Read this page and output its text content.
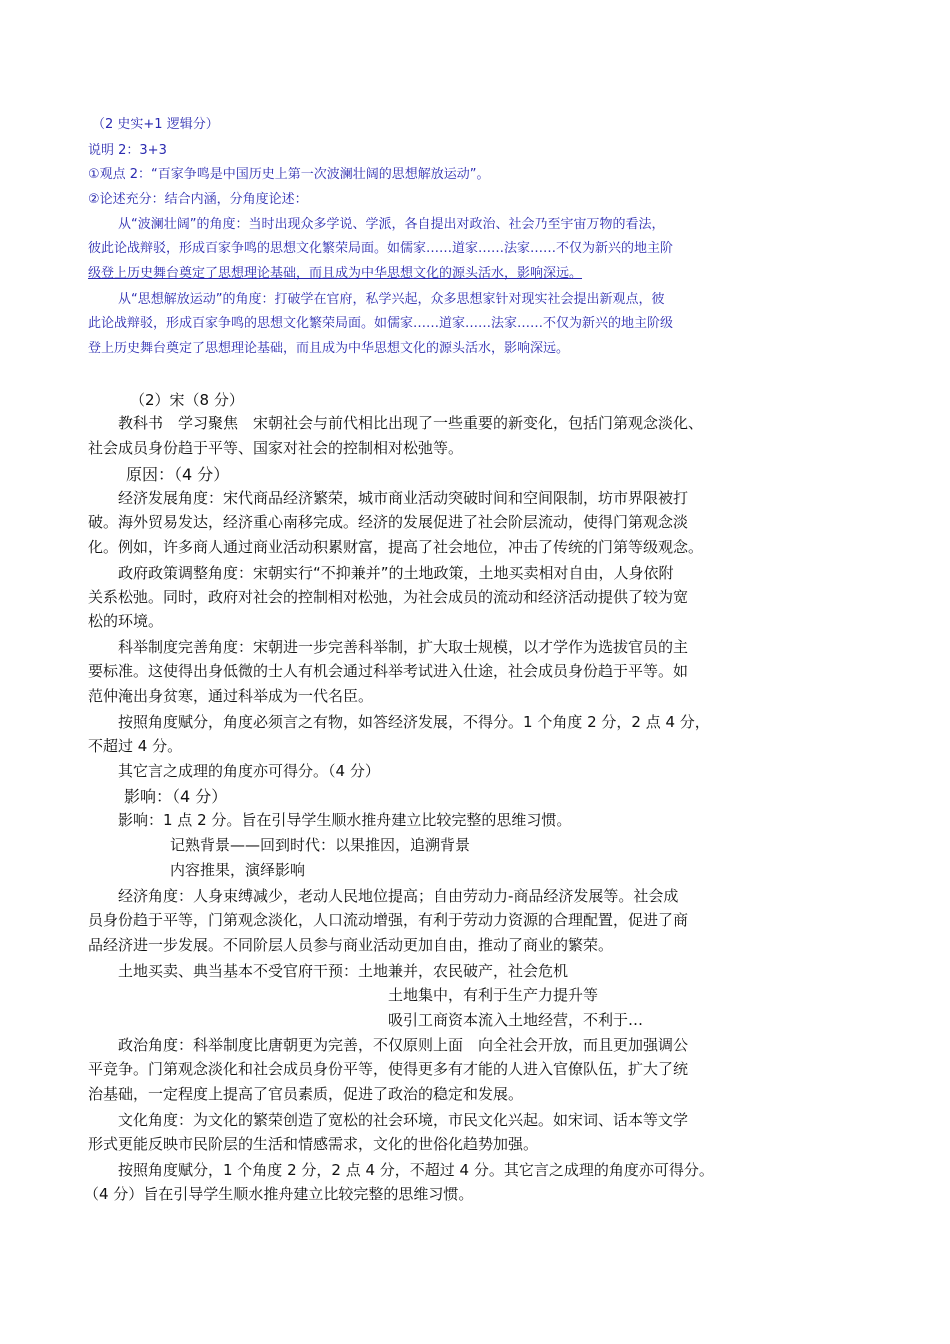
（2 史实+1 逻辑分）
说明 2：3+3
①观点 2：“百家争鸣是中国历史上第一次波澜壮阔的思想解放运动”。
②论述充分：结合内涵，分角度论述：
从“波澜壮阔”的角度：当时出现众多学说、学派，各自提出对政治、社会乃至宇宙万物的看法，
彼此论战辩驳，形成百家争鸣的思想文化繁荣局面。如儒家……道家……法家……不仅为新兴的地主阶
级登上历史舞台奠定了思想理论基础，而且成为中华思想文化的源头活水，影响深远。
从“思想解放运动”的角度：打破学在官府，私学兴起，众多思想家针对现实社会提出新观点，彼
此论战辩驳，形成百家争鸣的思想文化繁荣局面。如儒家……道家……法家……不仅为新兴的地主阶级
登上历史舞台奠定了思想理论基础，而且成为中华思想文化的源头活水，影响深远。
（2）宋（8 分）
教科书　学习聚焦　宋朝社会与前代相比出现了一些重要的新变化，包括门第观念淡化、
社会成员身份趋于平等、国家对社会的控制相对松弛等。
原因：（4 分）
经济发展角度：宋代商品经济繁荣，城市商业活动突破时间和空间限制，坊市界限被打
破。海外贸易发达，经济重心南移完成。经济的发展促进了社会阶层流动，使得门第观念淡
化。例如，许多商人通过商业活动积累财富，提高了社会地位，冲击了传统的门第等级观念。
政府政策调整角度：宋朝实行“不抑兼并”的土地政策，土地买卖相对自由，人身依附
关系松弛。同时，政府对社会的控制相对松弛，为社会成员的流动和经济活动提供了较为宽
松的环境。
科举制度完善角度：宋朝进一步完善科举制，扩大取士规模，以才学作为选拔官员的主
要标准。这使得出身低微的士人有机会通过科举考试进入仕途，社会成员身份趋于平等。如
范仲淹出身贫寒，通过科举成为一代名臣。
按照角度赋分，角度必须言之有物，如答经济发展，不得分。1 个角度 2 分，2 点 4 分，
不超过 4 分。
其它言之成理的角度亦可得分。（4 分）
影响：（4 分）
影响：1 点 2 分。旨在引导学生顺水推舟建立比较完整的思维习惯。
记熟背景——回到时代：以果推因，追溯背景
内容推果，演绎影响
经济角度：人身束缚减少，老动人民地位提高；自由劳动力-商品经济发展等。社会成
员身份趋于平等，门第观念淡化，人口流动增强，有利于劳动力资源的合理配置，促进了商
品经济进一步发展。不同阶层人员参与商业活动更加自由，推动了商业的繁荣。
土地买卖、典当基本不受官府干预：土地兼并，农民破产，社会危机
土地集中，有利于生产力提升等
吸引工商资本流入土地经营，不利于…
政治角度：科举制度比唐朝更为完善，不仅原则上面　向全社会开放，而且更加强调公
平竞争。门第观念淡化和社会成员身份平等，使得更多有才能的人进入官僚队伍，扩大了统
治基础，一定程度上提高了官员素质，促进了政治的稳定和发展。
文化角度：为文化的繁荣创造了宽松的社会环境，市民文化兴起。如宋词、话本等文学
形式更能反映市民阶层的生活和情感需求，文化的世俗化趋势加强。
按照角度赋分，1 个角度 2 分，2 点 4 分，不超过 4 分。其它言之成理的角度亦可得分。
（4 分）旨在引导学生顺水推舟建立比较完整的思维习惯。
